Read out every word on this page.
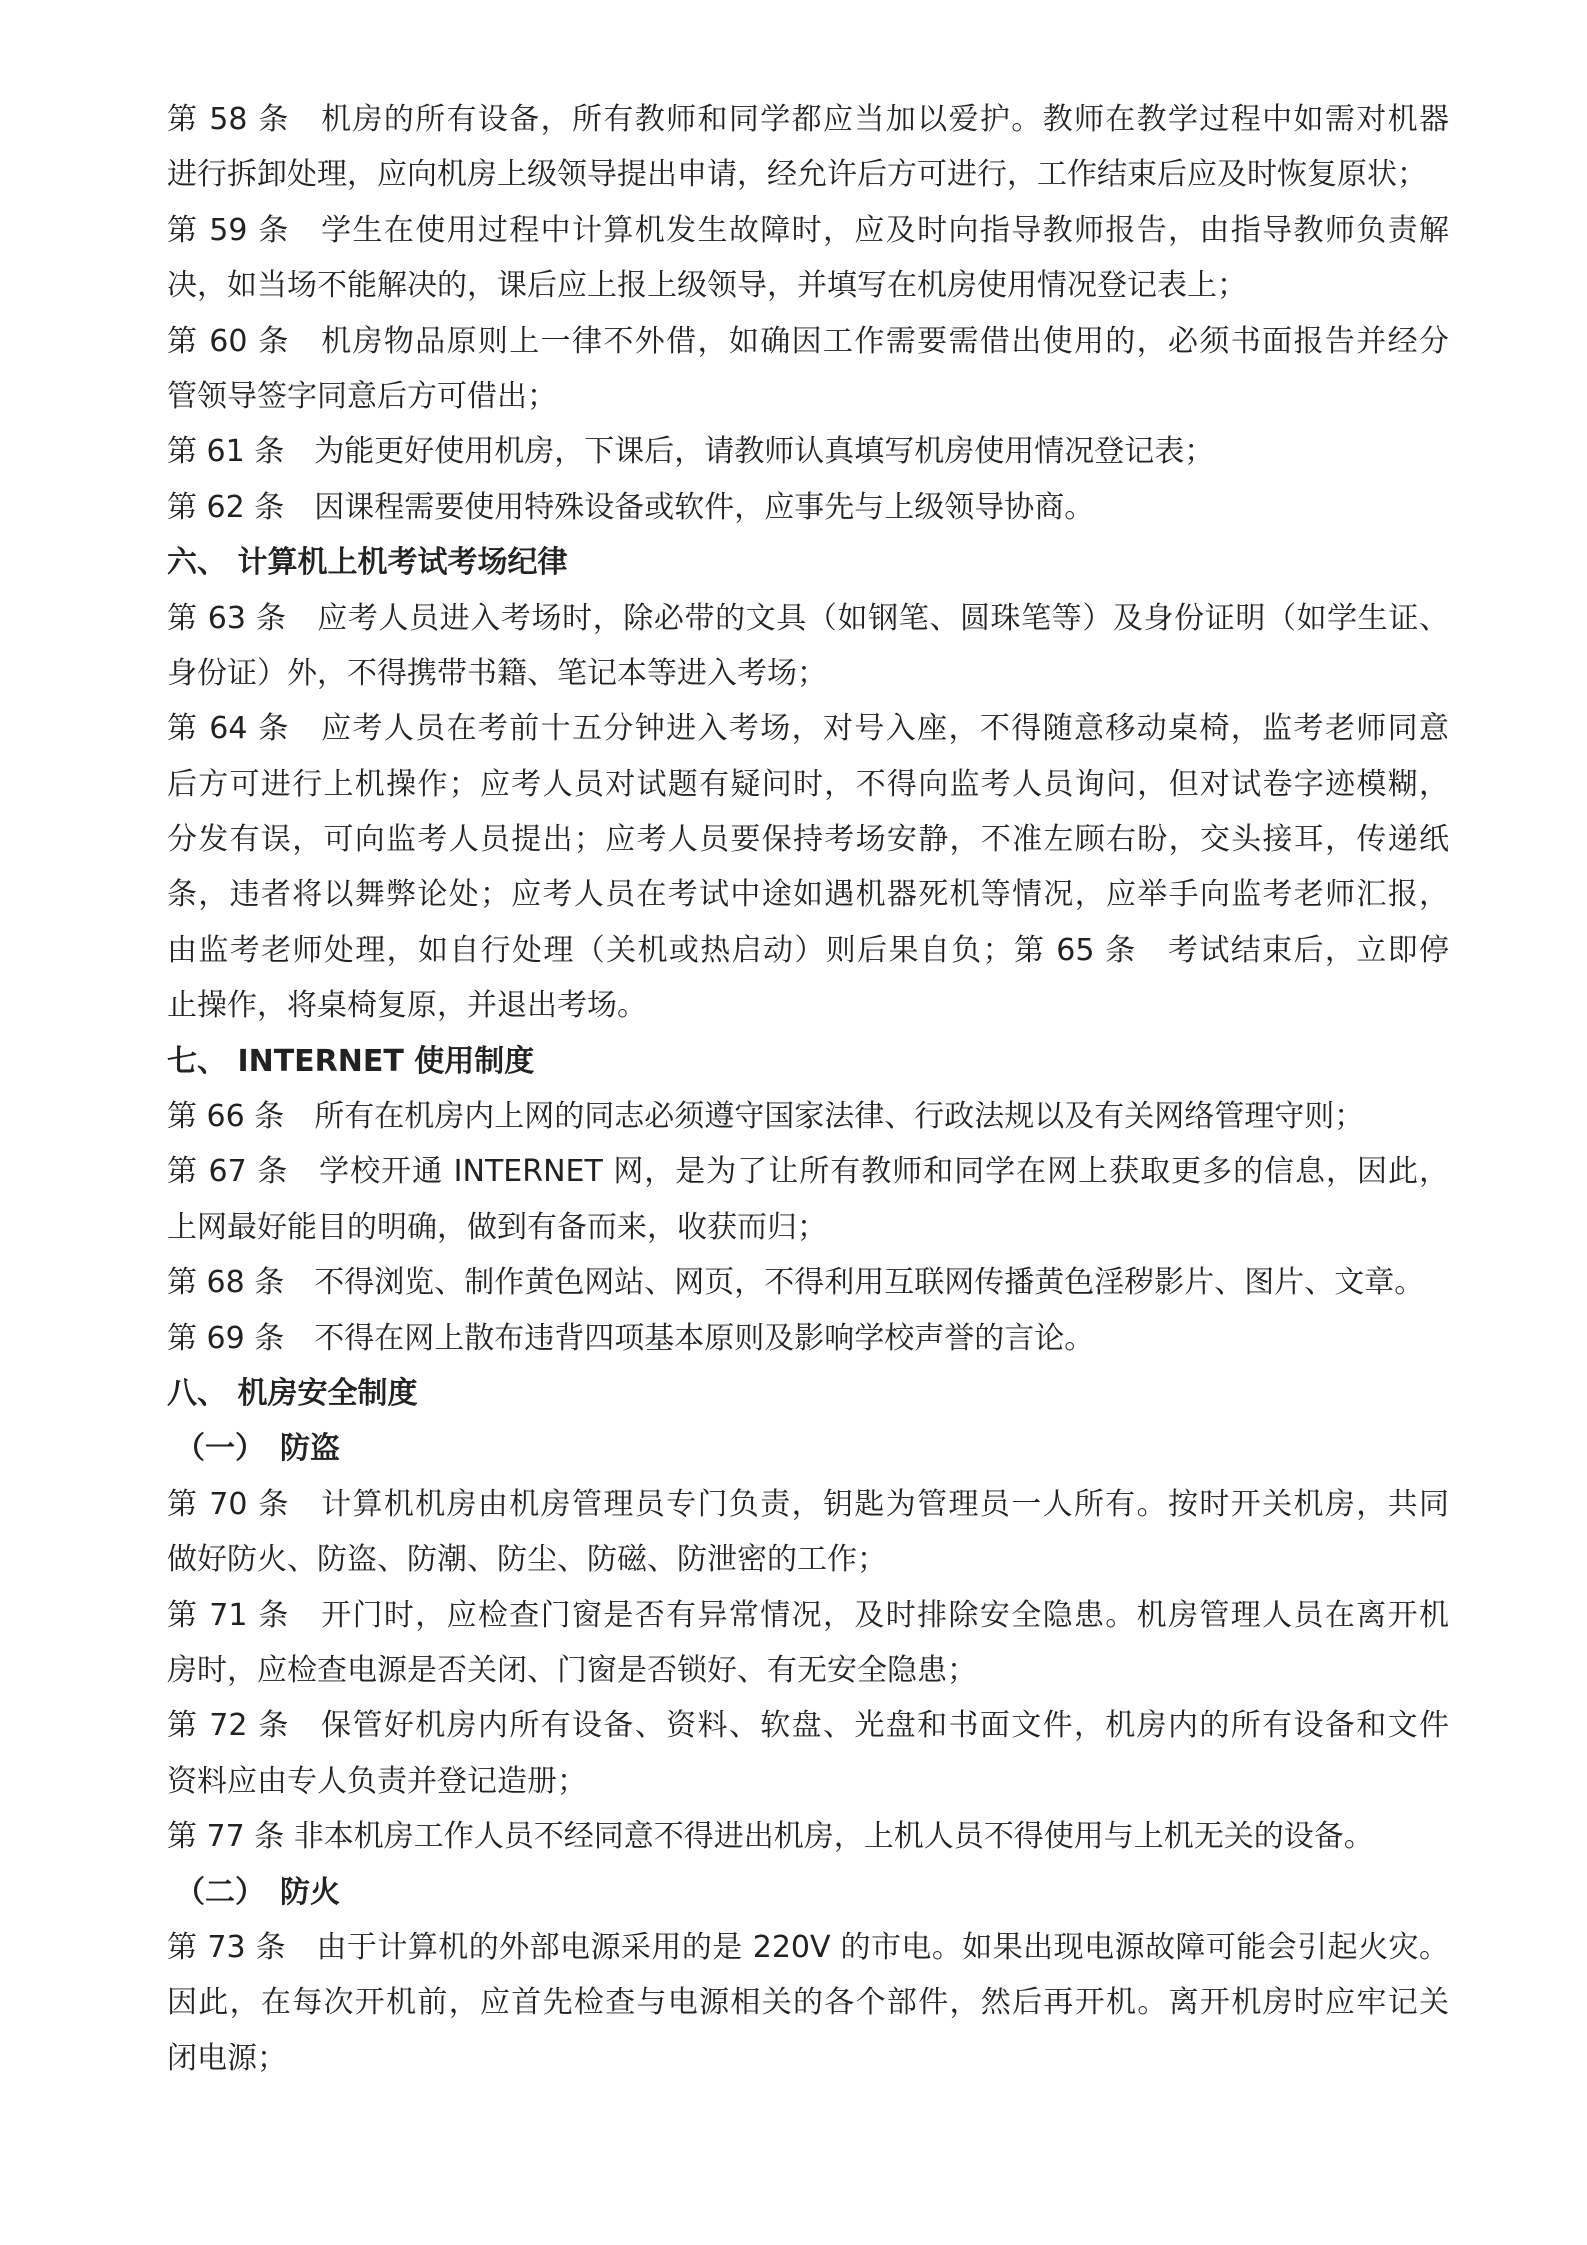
第 58 条　机房的所有设备，所有教师和同学都应当加以爱护。教师在教学过程中如需对机器
进行拆卸处理，应向机房上级领导提出申请，经允许后方可进行，工作结束后应及时恢复原状；
第 59 条　学生在使用过程中计算机发生故障时，应及时向指导教师报告，由指导教师负责解
决，如当场不能解决的，课后应上报上级领导，并填写在机房使用情况登记表上；
第 60 条　机房物品原则上一律不外借，如确因工作需要需借出使用的，必须书面报告并经分
管领导签字同意后方可借出；
第 61 条　为能更好使用机房，下课后，请教师认真填写机房使用情况登记表；
第 62 条　因课程需要使用特殊设备或软件，应事先与上级领导协商。
六、 计算机上机考试考场纪律
第 63 条　应考人员进入考场时，除必带的文具（如钢笔、圆珠笔等）及身份证明（如学生证、
身份证）外，不得携带书籍、笔记本等进入考场；
第 64 条　应考人员在考前十五分钟进入考场，对号入座，不得随意移动桌椅，监考老师同意
后方可进行上机操作；应考人员对试题有疑问时，不得向监考人员询问，但对试卷字迹模糊，
分发有误，可向监考人员提出；应考人员要保持考场安静，不准左顾右盼，交头接耳，传递纸
条，违者将以舞弊论处；应考人员在考试中途如遇机器死机等情况，应举手向监考老师汇报，
由监考老师处理，如自行处理（关机或热启动）则后果自负；第 65 条　考试结束后，立即停
止操作，将桌椅复原，并退出考场。
七、 INTERNET 使用制度
第 66 条　所有在机房内上网的同志必须遵守国家法律、行政法规以及有关网络管理守则；
第 67 条　学校开通 INTERNET 网，是为了让所有教师和同学在网上获取更多的信息，因此，
上网最好能目的明确，做到有备而来，收获而归；
第 68 条　不得浏览、制作黄色网站、网页，不得利用互联网传播黄色淫秽影片、图片、文章。
第 69 条　不得在网上散布违背四项基本原则及影响学校声誉的言论。
八、 机房安全制度
（一）　防盗
第 70 条　计算机机房由机房管理员专门负责，钥匙为管理员一人所有。按时开关机房，共同
做好防火、防盗、防潮、防尘、防磁、防泄密的工作；
第 71 条　开门时，应检查门窗是否有异常情况，及时排除安全隐患。机房管理人员在离开机
房时，应检查电源是否关闭、门窗是否锁好、有无安全隐患；
第 72 条　保管好机房内所有设备、资料、软盘、光盘和书面文件，机房内的所有设备和文件
资料应由专人负责并登记造册；
第 77 条 非本机房工作人员不经同意不得进出机房，上机人员不得使用与上机无关的设备。
（二）　防火
第 73 条　由于计算机的外部电源采用的是 220V 的市电。如果出现电源故障可能会引起火灾。
因此，在每次开机前，应首先检查与电源相关的各个部件，然后再开机。离开机房时应牢记关
闭电源；
